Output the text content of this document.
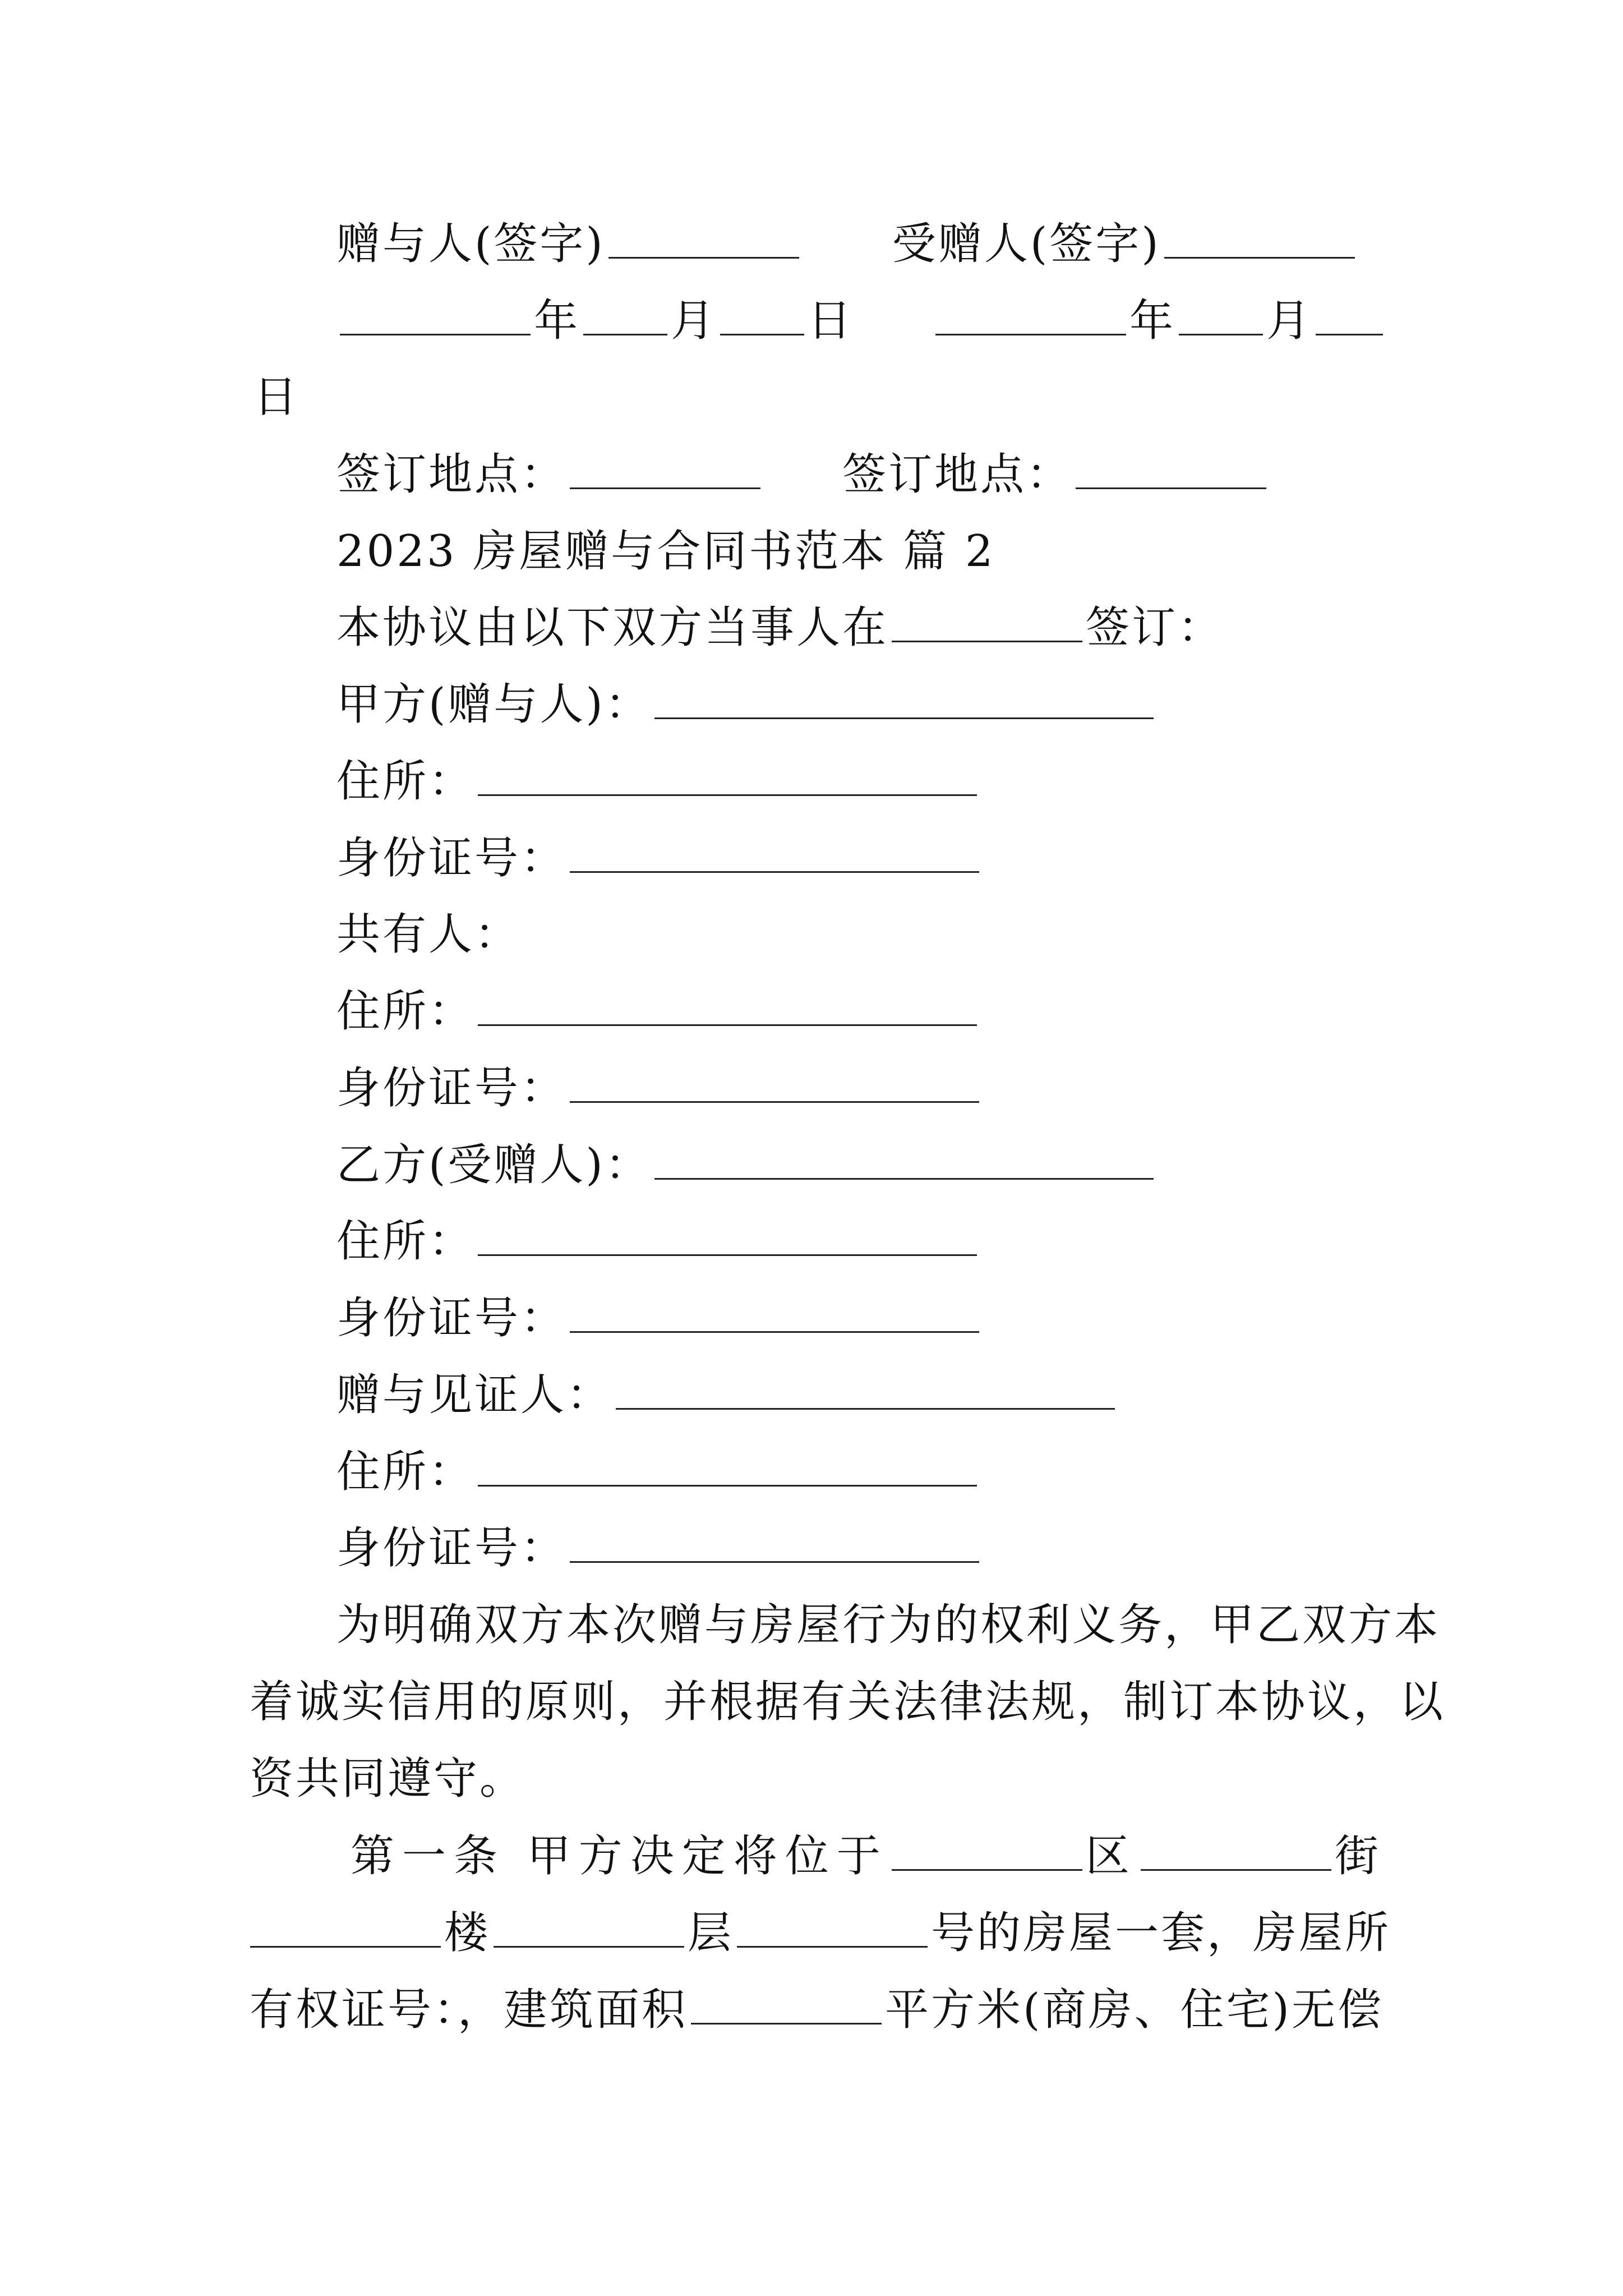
赠与人(签字)	受赠人(签字)
年 月 日	年 月
日
签订地点：	签订地点：
2023 房屋赠与合同书范本 篇 2
本协议由以下双方当事人在	签订：
甲方(赠与人)：
住所：
身份证号：
共有人：
住所：
身份证号：
乙方(受赠人)：
住所：
身份证号：
赠与见证人：
住所：
身份证号：
为明确双方本次赠与房屋行为的权利义务，甲乙双方本
着诚实信用的原则，并根据有关法律法规，制订本协议，以
资共同遵守。
第一条 甲方决定将位于	区	街
楼	层	号的房屋一套，房屋所
有权证号：，建筑面积	平方米(商房、住宅)无偿
